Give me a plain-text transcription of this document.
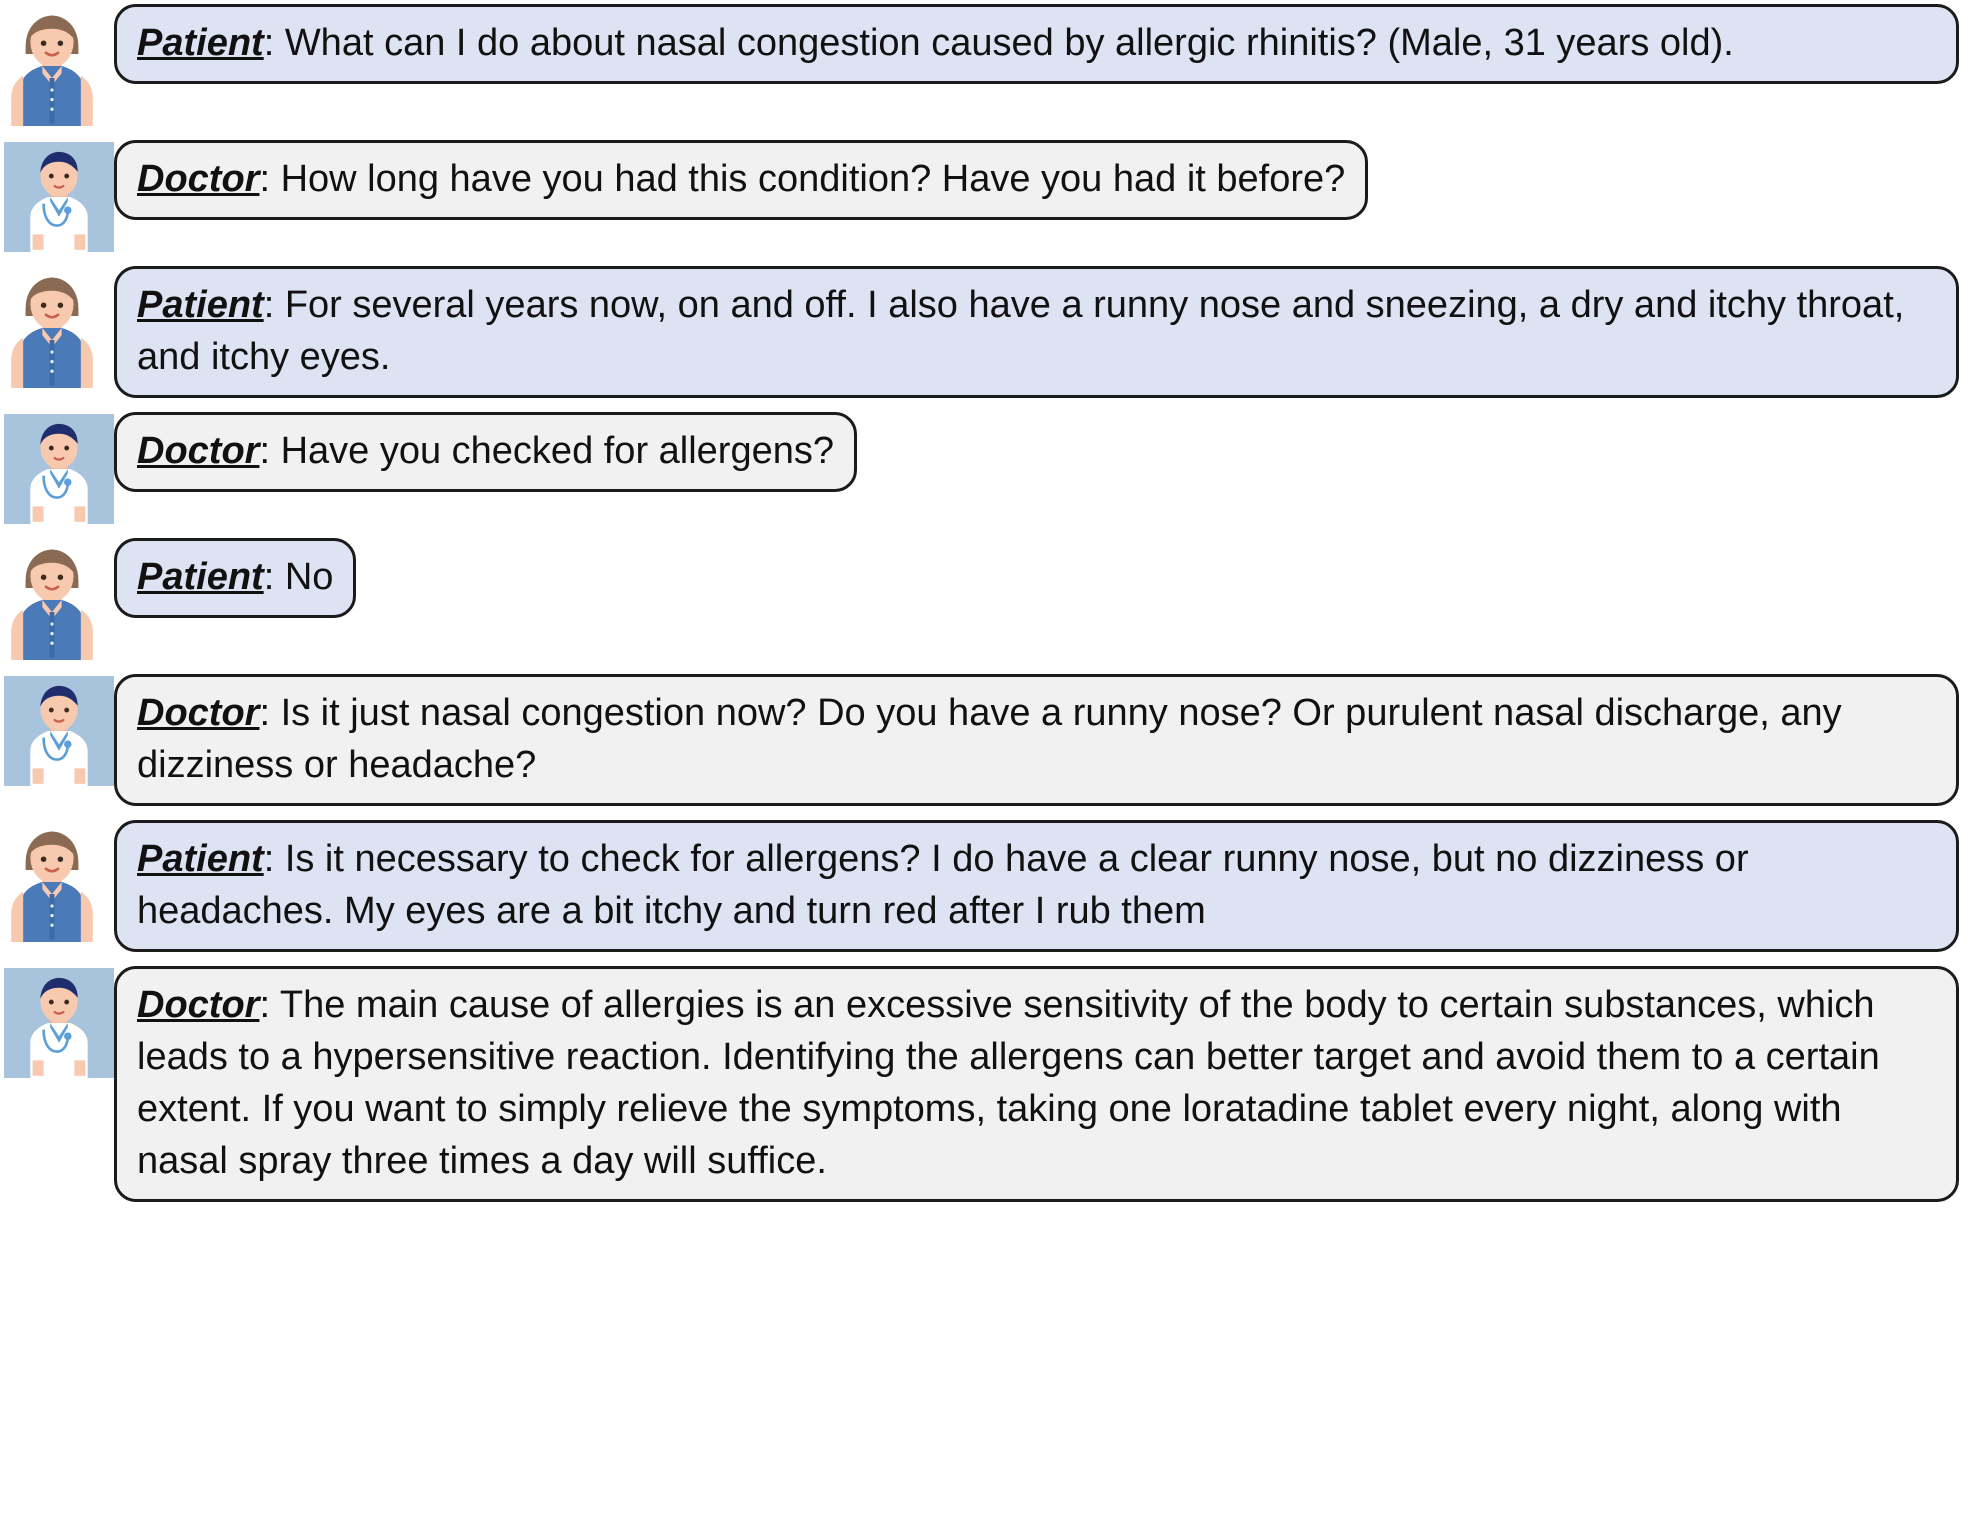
Patient: What can I do about nasal congestion caused by allergic rhinitis? (Male, 31 years old).
Doctor: How long have you had this condition? Have you had it before?
Patient: For several years now, on and off. I also have a runny nose and sneezing, a dry and itchy throat, and itchy eyes.
Doctor: Have you checked for allergens?
Patient: No
Doctor: Is it just nasal congestion now? Do you have a runny nose? Or purulent nasal discharge, any dizziness or headache?
Patient: Is it necessary to check for allergens? I do have a clear runny nose, but no dizziness or headaches. My eyes are a bit itchy and turn red after I rub them
Doctor: The main cause of allergies is an excessive sensitivity of the body to certain substances, which leads to a hypersensitive reaction. Identifying the allergens can better target and avoid them to a certain extent. If you want to simply relieve the symptoms, taking one loratadine tablet every night, along with nasal spray three times a day will suffice.
